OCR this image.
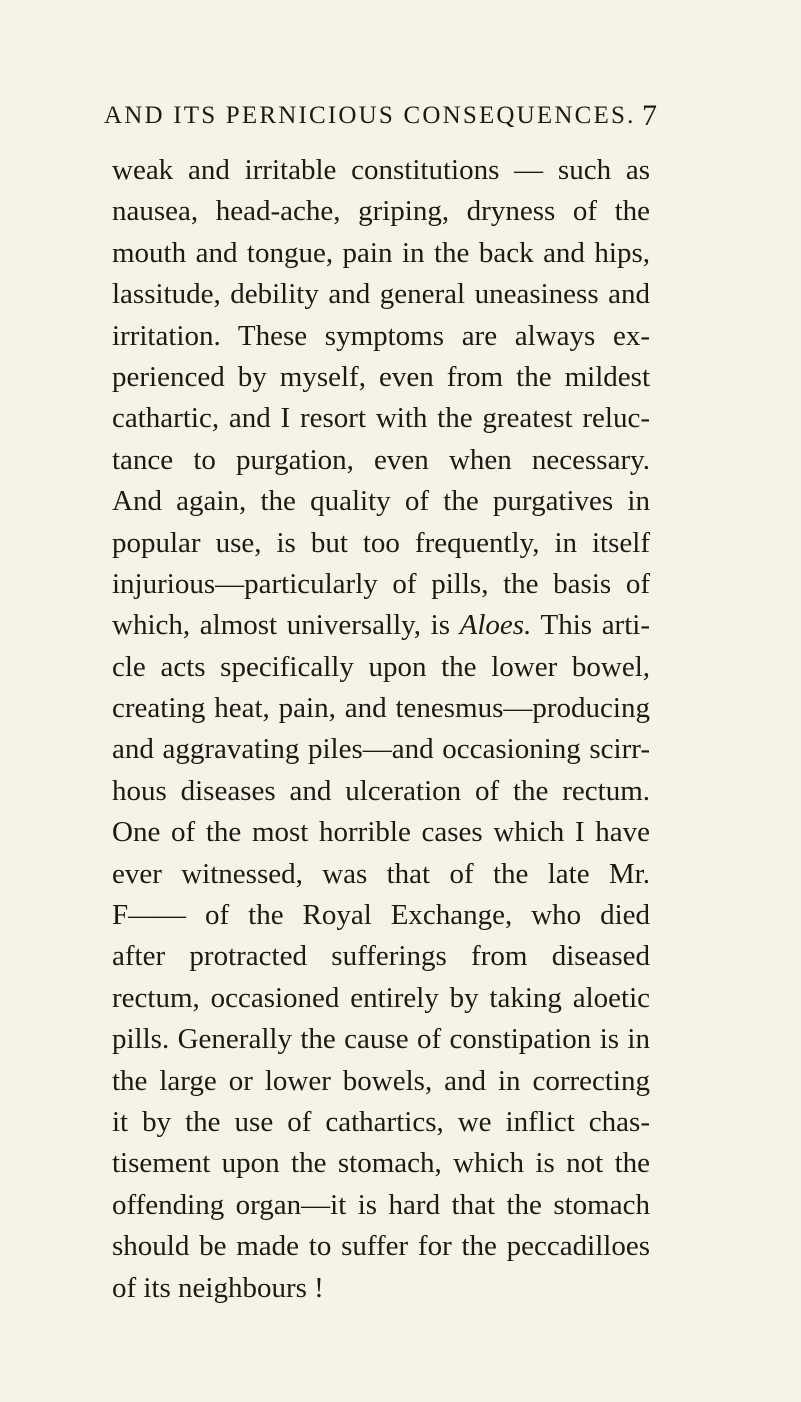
AND ITS PERNICIOUS CONSEQUENCES. 7
weak and irritable constitutions — such as
nausea, head-ache, griping, dryness of the
mouth and tongue, pain in the back and hips,
lassitude, debility and general uneasiness and
irritation. These symptoms are always ex-
perienced by myself, even from the mildest
cathartic, and I resort with the greatest reluc-
tance to purgation, even when necessary.
And again, the quality of the purgatives in
popular use, is but too frequently, in itself
injurious—particularly of pills, the basis of
which, almost universally, is Aloes. This arti-
cle acts specifically upon the lower bowel,
creating heat, pain, and tenesmus—producing
and aggravating piles—and occasioning scirr-
hous diseases and ulceration of the rectum.
One of the most horrible cases which I have
ever witnessed, was that of the late Mr.
F—— of the Royal Exchange, who died
after protracted sufferings from diseased
rectum, occasioned entirely by taking aloetic
pills. Generally the cause of constipation is in
the large or lower bowels, and in correcting
it by the use of cathartics, we inflict chas-
tisement upon the stomach, which is not the
offending organ—it is hard that the stomach
should be made to suffer for the peccadilloes
of its neighbours !
